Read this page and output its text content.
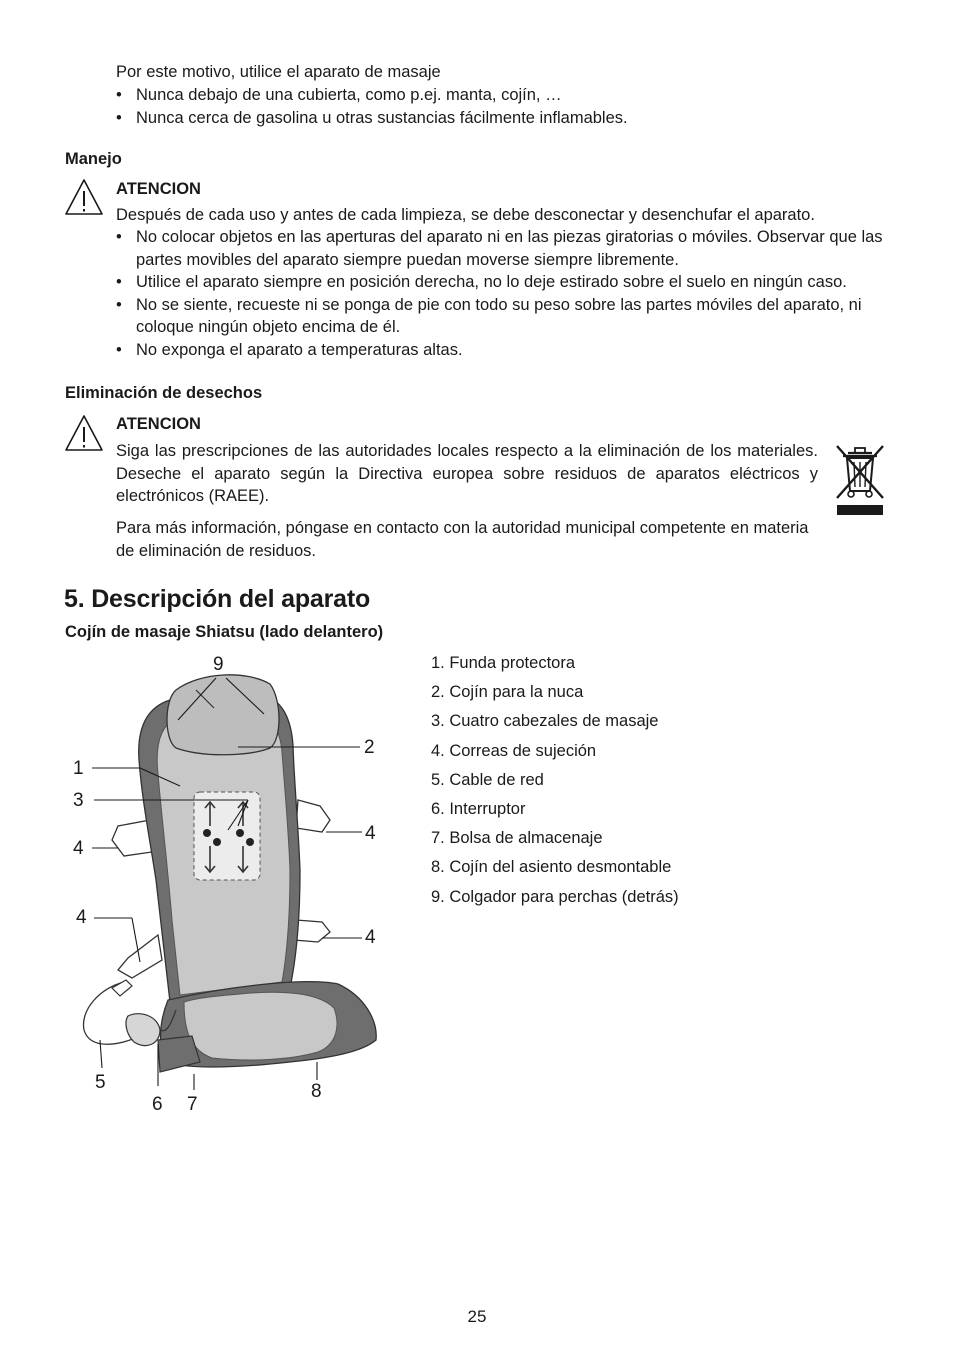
Por este motivo, utilice el aparato de masaje
• Nunca debajo de una cubierta, como p.ej. manta, cojín, …
• Nunca cerca de gasolina u otras sustancias fácilmente inflamables.
Manejo
ATENCION
Después de cada uso y antes de cada limpieza, se debe desconectar y desenchufar el aparato.
• No colocar objetos en las aperturas del aparato ni en las piezas giratorias o móviles. Observar que las partes movibles del aparato siempre puedan moverse siempre libremente.
• Utilice el aparato siempre en posición derecha, no lo deje estirado sobre el suelo en ningún caso.
• No se siente, recueste ni se ponga de pie con todo su peso sobre las partes móviles del aparato, ni coloque ningún objeto encima de él.
• No exponga el aparato a temperaturas altas.
Eliminación de desechos
ATENCION
Siga las prescripciones de las autoridades locales respecto a la eliminación de los materiales. Deseche el aparato según la Directiva europea sobre residuos de aparatos eléctricos y electrónicos (RAEE).
Para más información, póngase en contacto con la autoridad municipal competente en materia de eliminación de residuos.
5. Descripción del aparato
Cojín de masaje Shiatsu (lado delantero)
1. Funda protectora
2. Cojín para la nuca
3. Cuatro cabezales de masaje
4. Correas de sujeción
5. Cable de red
6. Interruptor
7. Bolsa de almacenaje
8. Cojín del asiento desmontable
9. Colgador para perchas (detrás)
9
2
1
3
4
4
4
4
5
6 7
8
25
